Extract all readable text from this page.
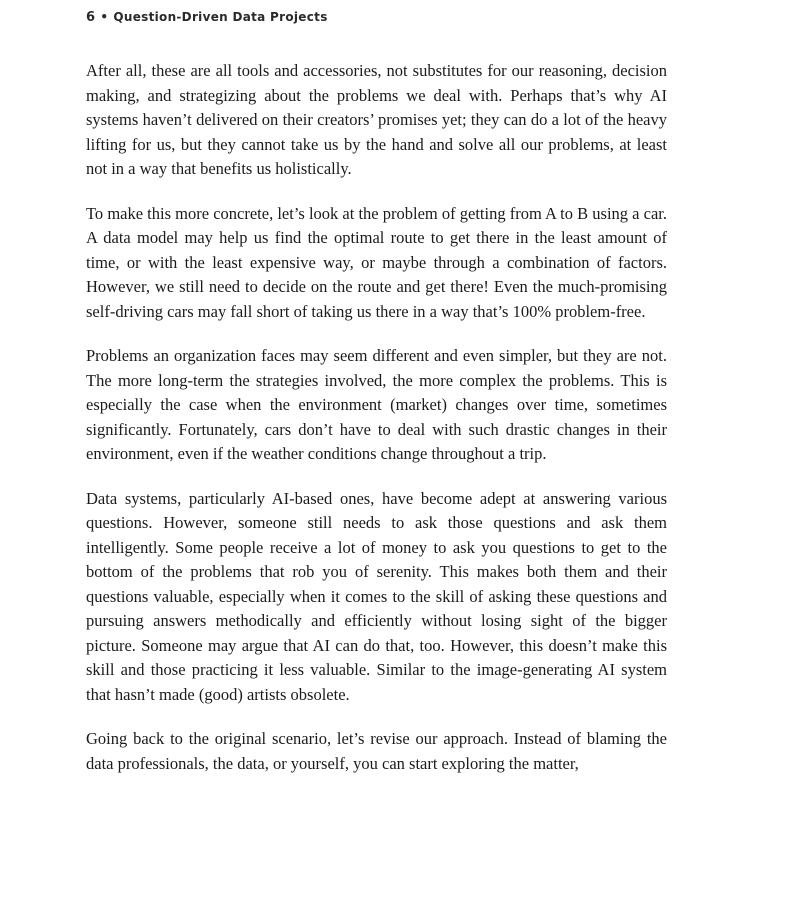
6 • Question-Driven Data Projects

After all, these are all tools and accessories, not substitutes for our reasoning, decision making, and strategizing about the problems we deal with. Perhaps that’s why AI systems haven’t delivered on their creators’ promises yet; they can do a lot of the heavy lifting for us, but they cannot take us by the hand and solve all our problems, at least not in a way that benefits us holistically.

To make this more concrete, let’s look at the problem of getting from A to B using a car. A data model may help us find the optimal route to get there in the least amount of time, or with the least expensive way, or maybe through a combination of factors. However, we still need to decide on the route and get there! Even the much-promising self-driving cars may fall short of taking us there in a way that’s 100% problem-free.

Problems an organization faces may seem different and even simpler, but they are not. The more long-term the strategies involved, the more complex the problems. This is especially the case when the environment (market) changes over time, sometimes significantly. Fortunately, cars don’t have to deal with such drastic changes in their environment, even if the weather conditions change throughout a trip.

Data systems, particularly AI-based ones, have become adept at answering various questions. However, someone still needs to ask those questions and ask them intelligently. Some people receive a lot of money to ask you questions to get to the bottom of the problems that rob you of serenity. This makes both them and their questions valuable, especially when it comes to the skill of asking these questions and pursuing answers methodically and efficiently without losing sight of the bigger picture. Someone may argue that AI can do that, too. However, this doesn’t make this skill and those practicing it less valuable. Similar to the image-generating AI system that hasn’t made (good) artists obsolete.

Going back to the original scenario, let’s revise our approach. Instead of blaming the data professionals, the data, or yourself, you can start exploring the matter,
